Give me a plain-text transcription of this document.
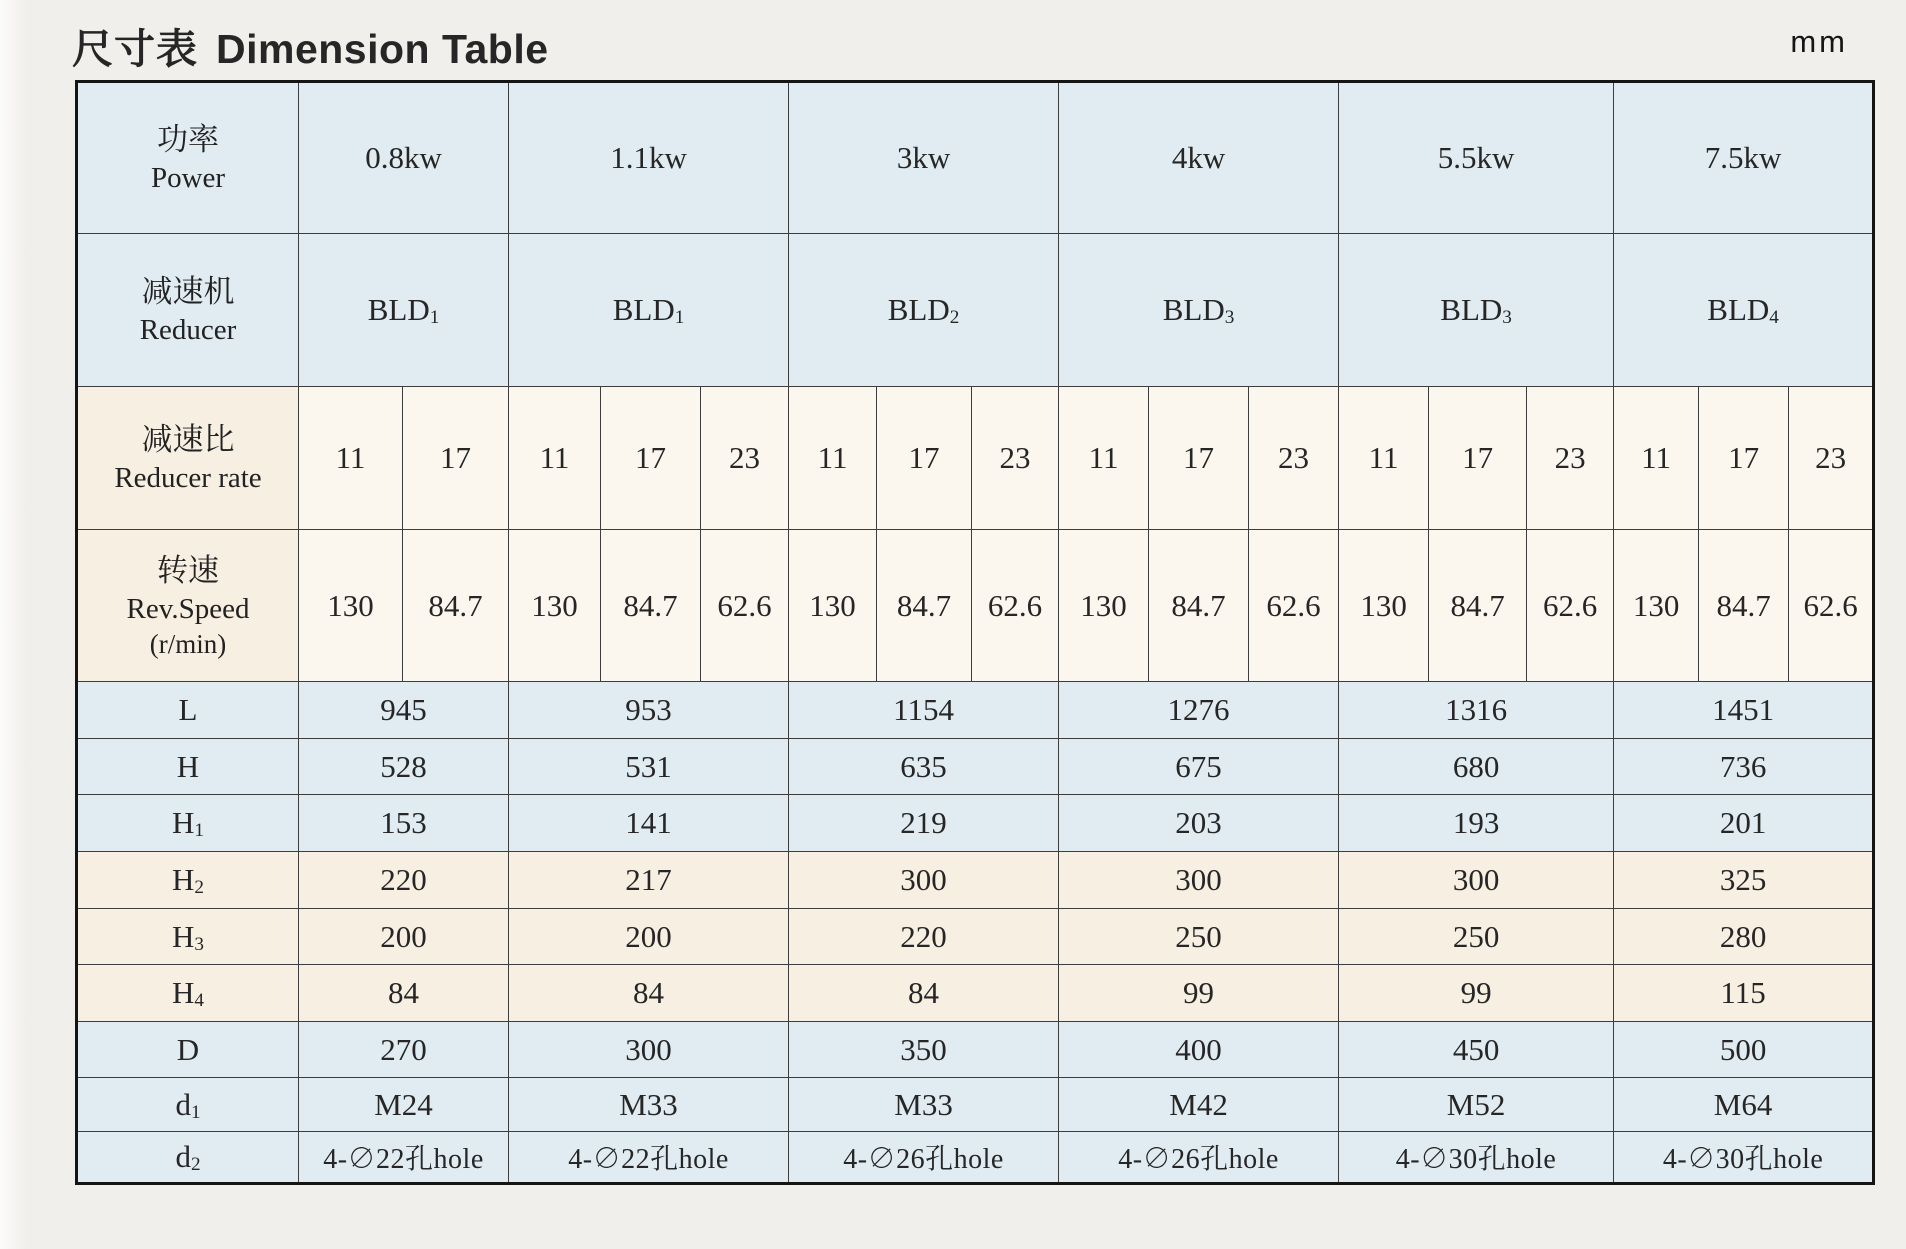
尺寸表 Dimension Table	mm
功率
Power	0.8kw		1.1kw			3kw			4kw			5.5kw			7.5kw		

减速机
Reducer	BLD1		BLD1			BLD2			BLD3			BLD3			BLD4		

减速比
Reducer rate	11	17	11	17	23	11	17	23	11	17	23	11	17	23	11	17	23

转速
Rev.Speed
(r/min)	130	84.7	130	84.7	62.6	130	84.7	62.6	130	84.7	62.6	130	84.7	62.6	130	84.7	62.6
L	945		953			1154			1276			1316			1451		
H	528		531			635			675			680			736		
H1	153		141			219			203			193			201		
H2	220		217			300			300			300			325		
H3	200		200			220			250			250			280		
H4	84		84			84			99			99			115		
D	270		300			350			400			450			500		
d1	M24		M33			M33			M42			M52			M64		
d2	4-∅22孔hole		4-∅22孔hole			4-∅26孔hole			4-∅26孔hole			4-∅30孔hole			4-∅30孔hole		
